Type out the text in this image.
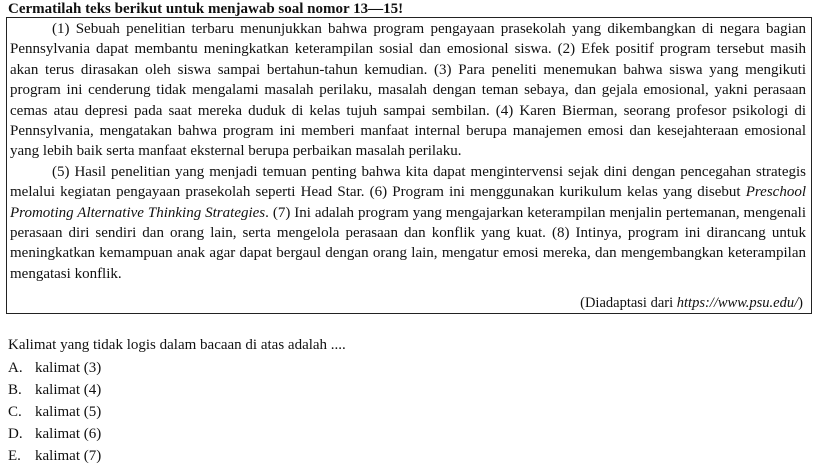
Cermatilah teks berikut untuk menjawab soal nomor 13—15!

(1) Sebuah penelitian terbaru menunjukkan bahwa program pengayaan prasekolah yang dikembangkan di negara bagian Pennsylvania dapat membantu meningkatkan keterampilan sosial dan emosional siswa. (2) Efek positif program tersebut masih akan terus dirasakan oleh siswa sampai bertahun-tahun kemudian. (3) Para peneliti menemukan bahwa siswa yang mengikuti program ini cenderung tidak mengalami masalah perilaku, masalah dengan teman sebaya, dan gejala emosional, yakni perasaan cemas atau depresi pada saat mereka duduk di kelas tujuh sampai sembilan. (4) Karen Bierman, seorang profesor psikologi di Pennsylvania, mengatakan bahwa program ini memberi manfaat internal berupa manajemen emosi dan kesejahteraan emosional yang lebih baik serta manfaat eksternal berupa perbaikan masalah perilaku.

(5) Hasil penelitian yang menjadi temuan penting bahwa kita dapat mengintervensi sejak dini dengan pencegahan strategis melalui kegiatan pengayaan prasekolah seperti Head Star. (6) Program ini menggunakan kurikulum kelas yang disebut Preschool Promoting Alternative Thinking Strategies. (7) Ini adalah program yang mengajarkan keterampilan menjalin pertemanan, mengenali perasaan diri sendiri dan orang lain, serta mengelola perasaan dan konflik yang kuat. (8) Intinya, program ini dirancang untuk meningkatkan kemampuan anak agar dapat bergaul dengan orang lain, mengatur emosi mereka, dan mengembangkan keterampilan mengatasi konflik.

(Diadaptasi dari https://www.psu.edu/)
Kalimat yang tidak logis dalam bacaan di atas adalah ....
A. kalimat (3)
B. kalimat (4)
C. kalimat (5)
D. kalimat (6)
E. kalimat (7)
